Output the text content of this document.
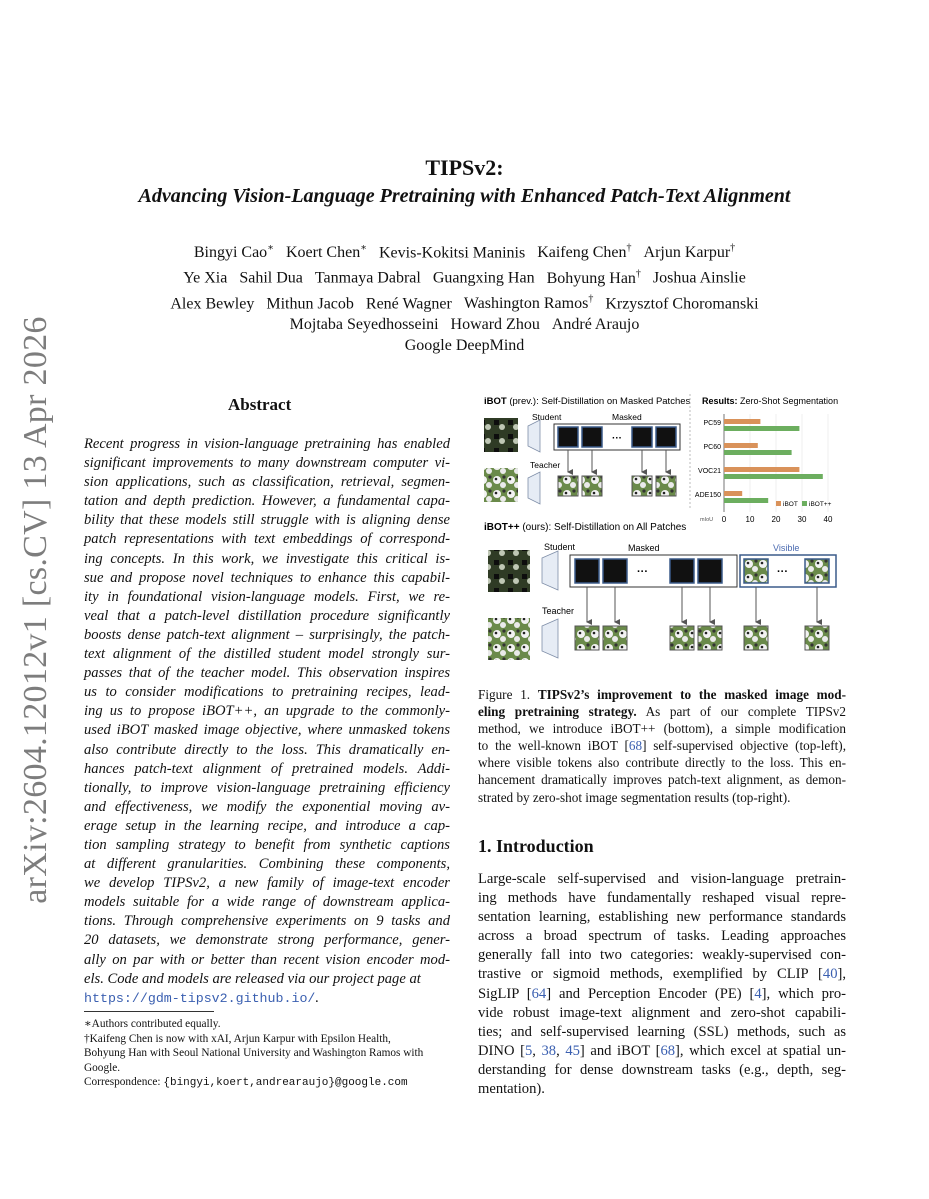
arXiv:2604.12012v1 [cs.CV] 13 Apr 2026
TIPSv2:
Advancing Vision-Language Pretraining with Enhanced Patch-Text Alignment
Bingyi Cao∗ Koert Chen∗ Kevis-Kokitsi Maninis Kaifeng Chen† Arjun Karpur†
Ye Xia Sahil Dua Tanmaya Dabral Guangxing Han Bohyung Han† Joshua Ainslie
Alex Bewley Mithun Jacob René Wagner Washington Ramos† Krzysztof Choromanski
Mojtaba Seyedhosseini Howard Zhou André Araujo
Google DeepMind
Abstract
Recent progress in vision-language pretraining has enabled
significant improvements to many downstream computer vi-
sion applications, such as classification, retrieval, segmen-
tation and depth prediction. However, a fundamental capa-
bility that these models still struggle with is aligning dense
patch representations with text embeddings of correspond-
ing concepts. In this work, we investigate this critical is-
sue and propose novel techniques to enhance this capabil-
ity in foundational vision-language models. First, we re-
veal that a patch-level distillation procedure significantly
boosts dense patch-text alignment – surprisingly, the patch-
text alignment of the distilled student model strongly sur-
passes that of the teacher model. This observation inspires
us to consider modifications to pretraining recipes, lead-
ing us to propose iBOT++, an upgrade to the commonly-
used iBOT masked image objective, where unmasked tokens
also contribute directly to the loss. This dramatically en-
hances patch-text alignment of pretrained models. Addi-
tionally, to improve vision-language pretraining efficiency
and effectiveness, we modify the exponential moving av-
erage setup in the learning recipe, and introduce a cap-
tion sampling strategy to benefit from synthetic captions
at different granularities. Combining these components,
we develop TIPSv2, a new family of image-text encoder
models suitable for a wide range of downstream applica-
tions. Through comprehensive experiments on 9 tasks and
20 datasets, we demonstrate strong performance, gener-
ally on par with or better than recent vision encoder mod-
els. Code and models are released via our project page at
https://gdm-tipsv2.github.io/.
∗Authors contributed equally.
†Kaifeng Chen is now with xAI, Arjun Karpur with Epsilon Health,
Bohyung Han with Seoul National University and Washington Ramos with
Google.
Correspondence: {bingyi,koert,andrearaujo}@google.com
iBOT (prev.): Self-Distillation on Masked Patches
Student	Masked
···
Teacher
Results: Zero-Shot Segmentation
0 10 20 30 40
mIoU
PC59
PC60
VOC21
ADE150
iBOT iBOT++
iBOT++ (ours): Self-Distillation on All Patches
Student	Masked	Visible
···	···
Teacher
Figure 1. TIPSv2’s improvement to the masked image mod-
eling pretraining strategy. As part of our complete TIPSv2
method, we introduce iBOT++ (bottom), a simple modification
to the well-known iBOT [68] self-supervised objective (top-left),
where visible tokens also contribute directly to the loss. This en-
hancement dramatically improves patch-text alignment, as demon-
strated by zero-shot image segmentation results (top-right).
1. Introduction
Large-scale self-supervised and vision-language pretrain-
ing methods have fundamentally reshaped visual repre-
sentation learning, establishing new performance standards
across a broad spectrum of tasks. Leading approaches
generally fall into two categories: weakly-supervised con-
trastive or sigmoid methods, exemplified by CLIP [40],
SigLIP [64] and Perception Encoder (PE) [4], which pro-
vide robust image-text alignment and zero-shot capabili-
ties; and self-supervised learning (SSL) methods, such as
DINO [5, 38, 45] and iBOT [68], which excel at spatial un-
derstanding for dense downstream tasks (e.g., depth, seg-
mentation).
